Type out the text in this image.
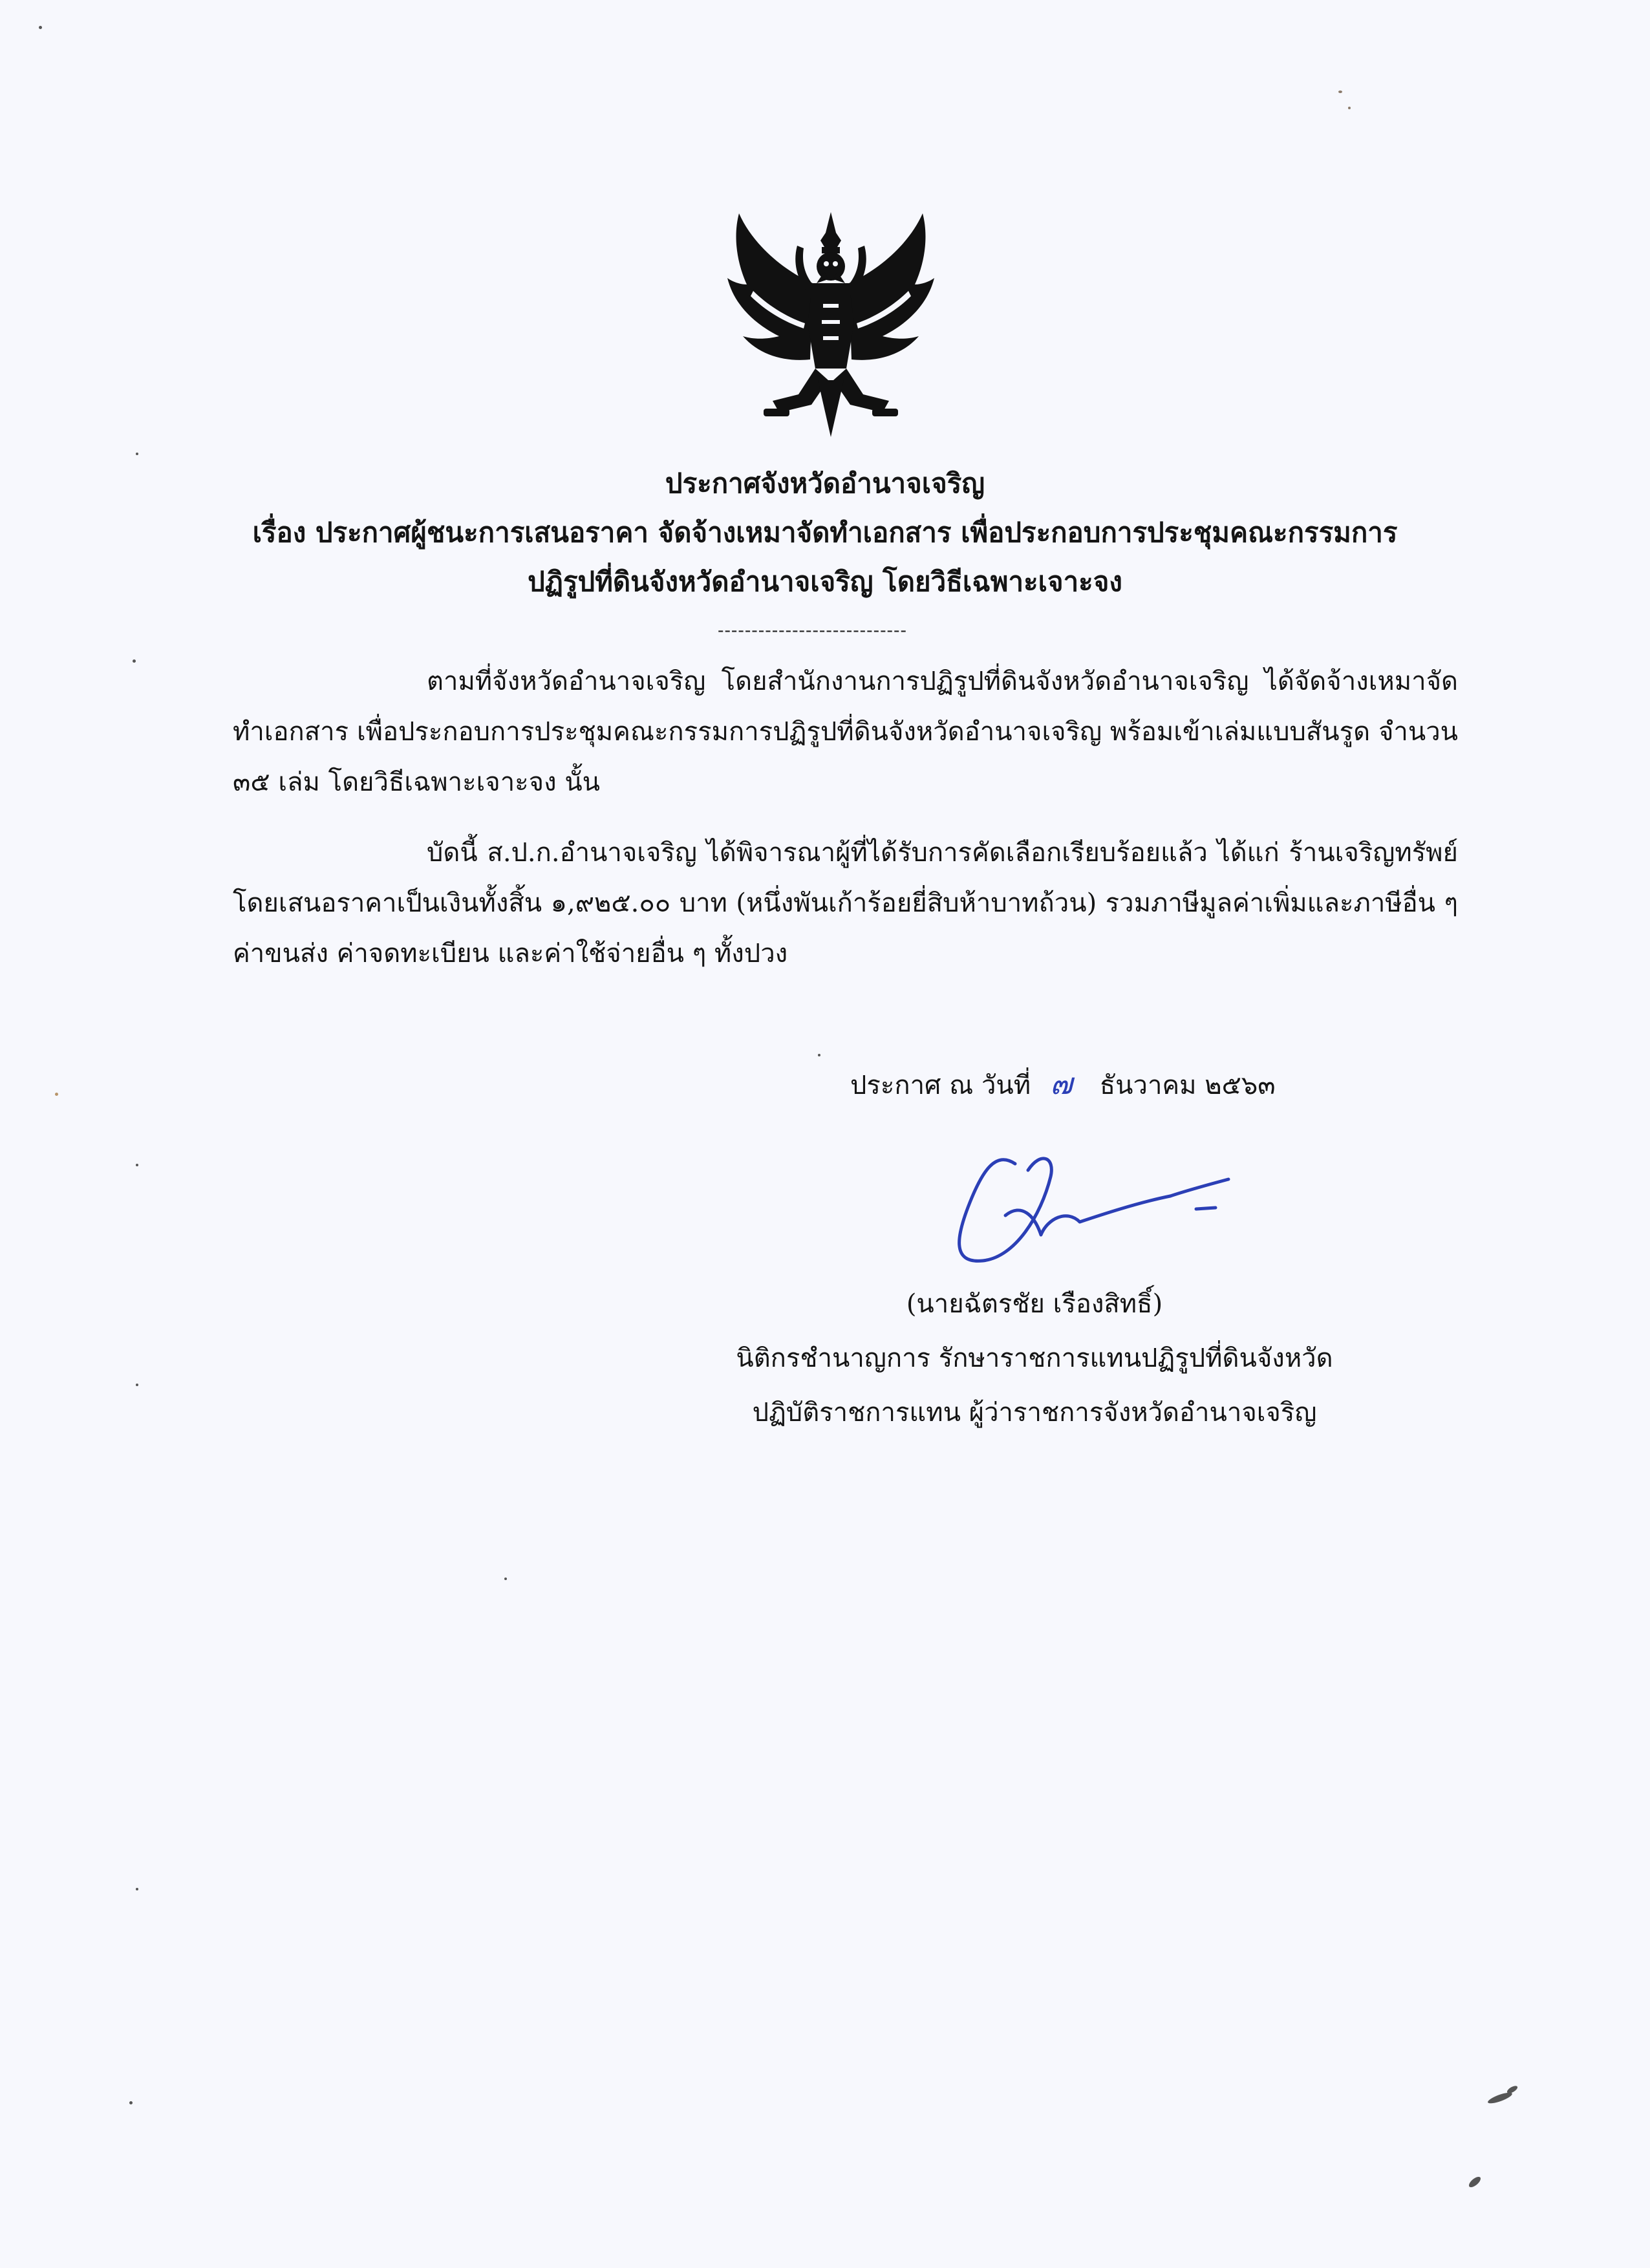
ประกาศจังหวัดอำนาจเจริญ
เรื่อง ประกาศผู้ชนะการเสนอราคา จัดจ้างเหมาจัดทำเอกสาร เพื่อประกอบการประชุมคณะกรรมการ
ปฏิรูปที่ดินจังหวัดอำนาจเจริญ โดยวิธีเฉพาะเจาะจง
----------------------------

ตามที่จังหวัดอำนาจเจริญ โดยสำนักงานการปฏิรูปที่ดินจังหวัดอำนาจเจริญ ได้จัดจ้างเหมาจัดทำเอกสาร เพื่อประกอบการประชุมคณะกรรมการปฏิรูปที่ดินจังหวัดอำนาจเจริญ พร้อมเข้าเล่มแบบสันรูด จำนวน ๓๕ เล่ม โดยวิธีเฉพาะเจาะจง นั้น

บัดนี้ ส.ป.ก.อำนาจเจริญ ได้พิจารณาผู้ที่ได้รับการคัดเลือกเรียบร้อยแล้ว ได้แก่ ร้านเจริญทรัพย์ โดยเสนอราคาเป็นเงินทั้งสิ้น ๑,๙๒๕.๐๐ บาท (หนึ่งพันเก้าร้อยยี่สิบห้าบาทถ้วน) รวมภาษีมูลค่าเพิ่มและภาษีอื่น ๆ ค่าขนส่ง ค่าจดทะเบียน และค่าใช้จ่ายอื่น ๆ ทั้งปวง

ประกาศ ณ วันที่ ๗ ธันวาคม ๒๕๖๓
(นายฉัตรชัย เรืองสิทธิ์)
นิติกรชำนาญการ รักษาราชการแทนปฏิรูปที่ดินจังหวัด
ปฏิบัติราชการแทน ผู้ว่าราชการจังหวัดอำนาจเจริญ
